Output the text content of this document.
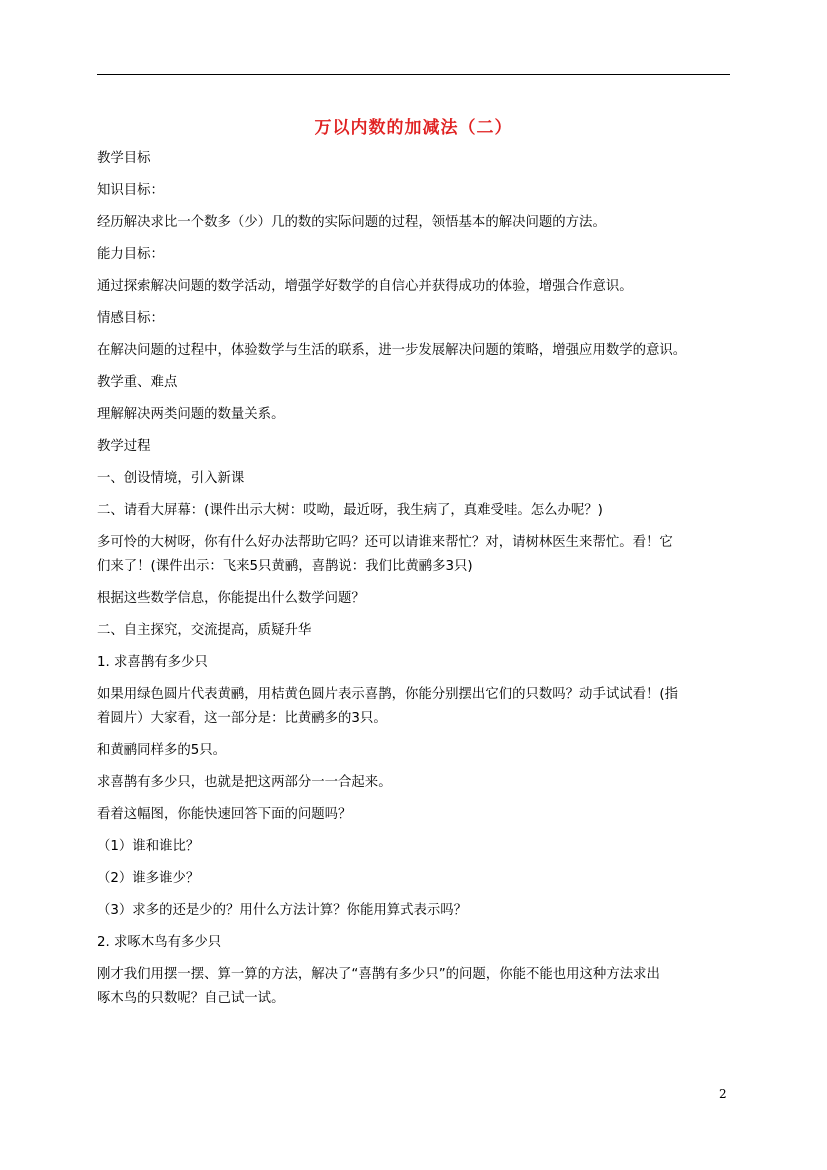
万以内数的加减法（二）
教学目标
知识目标：
经历解决求比一个数多（少）几的数的实际问题的过程，领悟基本的解决问题的方法。
能力目标：
通过探索解决问题的数学活动，增强学好数学的自信心并获得成功的体验，增强合作意识。
情感目标：
在解决问题的过程中，体验数学与生活的联系，进一步发展解决问题的策略，增强应用数学的意识。
教学重、难点
理解解决两类问题的数量关系。
教学过程
一、创设情境，引入新课
二、请看大屏幕：(课件出示大树：哎呦，最近呀，我生病了，真难受哇。怎么办呢？)
多可怜的大树呀，你有什么好办法帮助它吗？还可以请谁来帮忙？对，请树林医生来帮忙。看！它
们来了！(课件出示：飞来5只黄鹂，喜鹊说：我们比黄鹂多3只)
根据这些数学信息，你能提出什么数学问题？
二、自主探究，交流提高，质疑升华
1. 求喜鹊有多少只
如果用绿色圆片代表黄鹂，用桔黄色圆片表示喜鹊，你能分别摆出它们的只数吗？动手试试看！(指
着圆片）大家看，这一部分是：比黄鹂多的3只。
和黄鹂同样多的5只。
求喜鹊有多少只，也就是把这两部分一一合起来。
看着这幅图，你能快速回答下面的问题吗？
（1）谁和谁比？
（2）谁多谁少？
（3）求多的还是少的？用什么方法计算？你能用算式表示吗？
2. 求啄木鸟有多少只
刚才我们用摆一摆、算一算的方法，解决了“喜鹊有多少只”的问题，你能不能也用这种方法求出
啄木鸟的只数呢？自己试一试。
2
